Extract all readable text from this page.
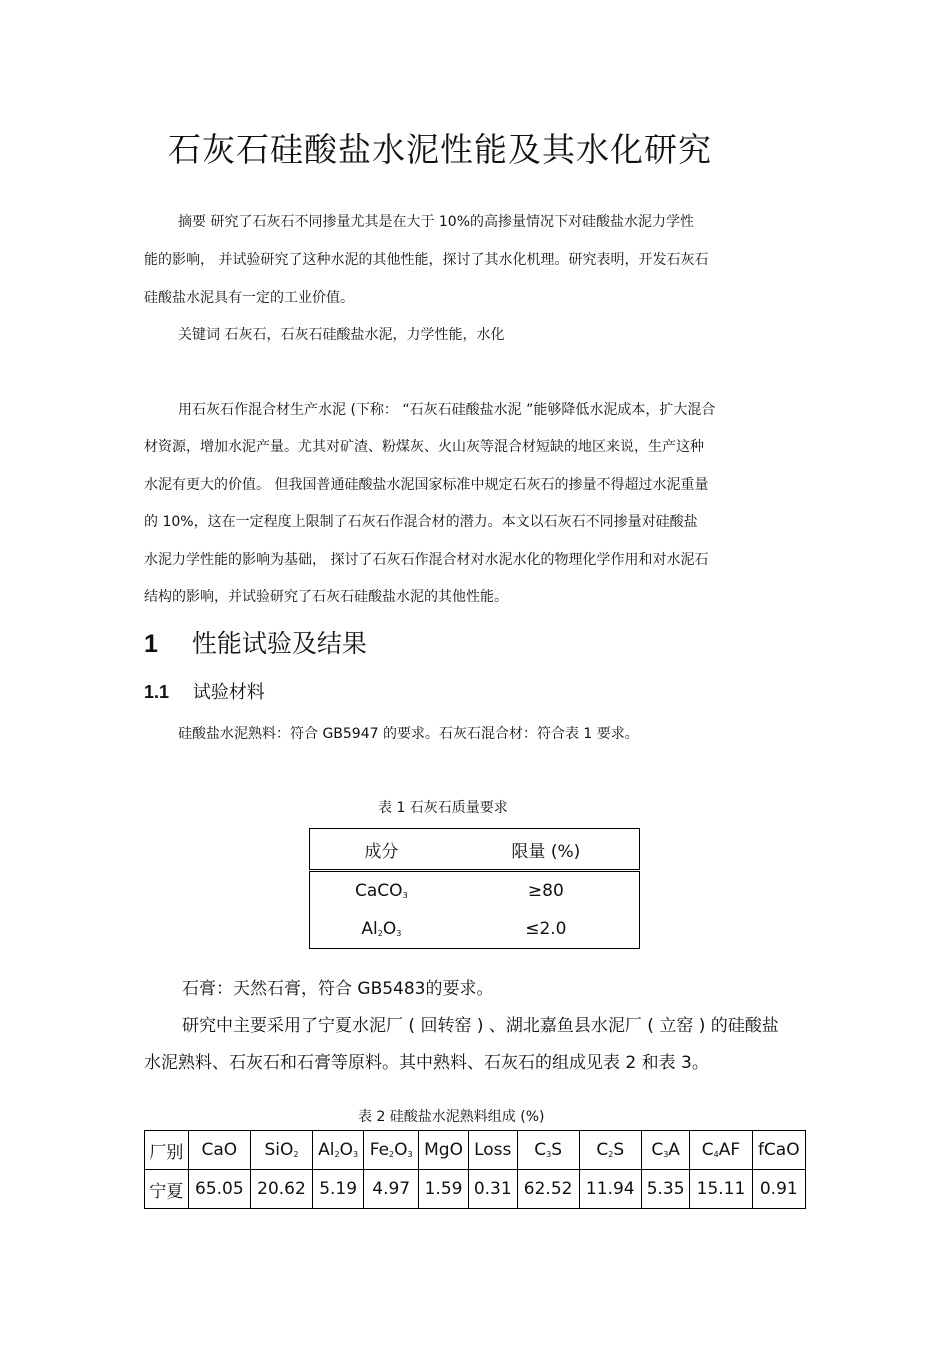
石灰石硅酸盐水泥性能及其水化研究
摘要 研究了石灰石不同掺量尤其是在大于 10%的高掺量情况下对硅酸盐水泥力学性
能的影响， 并试验研究了这种水泥的其他性能，探讨了其水化机理。研究表明，开发石灰石
硅酸盐水泥具有一定的工业价值。
关键词 石灰石，石灰石硅酸盐水泥，力学性能，水化
用石灰石作混合材生产水泥 (下称： “石灰石硅酸盐水泥 ”能够降低水泥成本，扩大混合
材资源，增加水泥产量。尤其对矿渣、粉煤灰、火山灰等混合材短缺的地区来说，生产这种
水泥有更大的价值。 但我国普通硅酸盐水泥国家标准中规定石灰石的掺量不得超过水泥重量
的 10%，这在一定程度上限制了石灰石作混合材的潜力。本文以石灰石不同掺量对硅酸盐
水泥力学性能的影响为基础， 探讨了石灰石作混合材对水泥水化的物理化学作用和对水泥石
结构的影响，并试验研究了石灰石硅酸盐水泥的其他性能。
1 性能试验及结果
1.1 试验材料
硅酸盐水泥熟料：符合 GB5947 的要求。石灰石混合材：符合表 1 要求。
表 1 石灰石质量要求
成分	限量 (%)
CaCO$_3$	≥80
$Al_2O_3$	≤2.0
石膏：天然石膏，符合 GB5483的要求。
研究中主要采用了宁夏水泥厂 ( 回转窑 ) 、湖北嘉鱼县水泥厂 ( 立窑 ) 的硅酸盐
水泥熟料、石灰石和石膏等原料。其中熟料、石灰石的组成见表 2 和表 3。
表 2 硅酸盐水泥熟料组成 (%)
厂别	CaO	SiO$_2$	$Al_2O_3$	$Fe_2O_3$	MgO	Loss	$C_3S$	$C_2S$	$C_3A$	$C_4AF$	fCaO
宁夏	65.05	20.62	5.19	4.97	1.59	0.31	62.52	11.94	5.35	15.11	0.91
